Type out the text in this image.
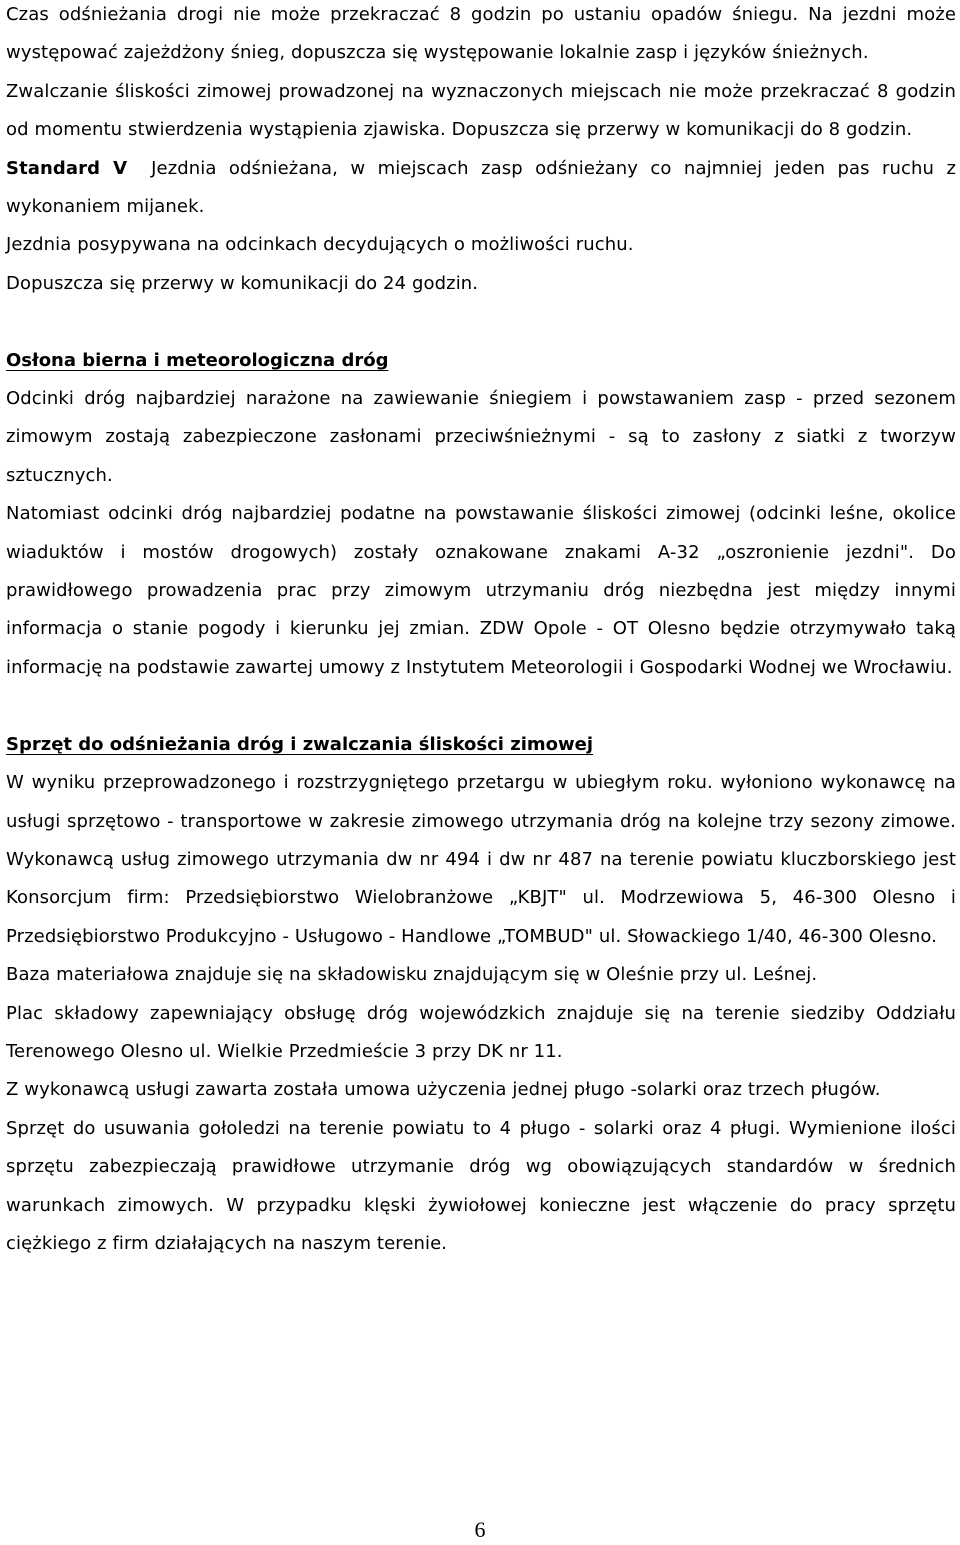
Czas odśnieżania drogi nie może przekraczać 8 godzin po ustaniu opadów śniegu. Na jezdni może występować zajeżdżony śnieg, dopuszcza się występowanie lokalnie zasp i języków śnieżnych.

Zwalczanie śliskości zimowej prowadzonej na wyznaczonych miejscach nie może przekraczać 8 godzin od momentu stwierdzenia wystąpienia zjawiska. Dopuszcza się przerwy w komunikacji do 8 godzin.

Standard V Jezdnia odśnieżana, w miejscach zasp odśnieżany co najmniej jeden pas ruchu z wykonaniem mijanek.

Jezdnia posypywana na odcinkach decydujących o możliwości ruchu.

Dopuszcza się przerwy w komunikacji do 24 godzin.

Osłona bierna i meteorologiczna dróg

Odcinki dróg najbardziej narażone na zawiewanie śniegiem i powstawaniem zasp - przed sezonem zimowym zostają zabezpieczone zasłonami przeciwśnieżnymi - są to zasłony z siatki z tworzyw sztucznych.

Natomiast odcinki dróg najbardziej podatne na powstawanie śliskości zimowej (odcinki leśne, okolice wiaduktów i mostów drogowych) zostały oznakowane znakami A-32 „oszronienie jezdni". Do prawidłowego prowadzenia prac przy zimowym utrzymaniu dróg niezbędna jest między innymi informacja o stanie pogody i kierunku jej zmian. ZDW Opole - OT Olesno będzie otrzymywało taką informację na podstawie zawartej umowy z Instytutem Meteorologii i Gospodarki Wodnej we Wrocławiu.

Sprzęt do odśnieżania dróg i zwalczania śliskości zimowej

W wyniku przeprowadzonego i rozstrzygniętego przetargu w ubiegłym roku. wyłoniono wykonawcę na usługi sprzętowo - transportowe w zakresie zimowego utrzymania dróg na kolejne trzy sezony zimowe. Wykonawcą usług zimowego utrzymania dw nr 494 i dw nr 487 na terenie powiatu kluczborskiego jest Konsorcjum firm: Przedsiębiorstwo Wielobranżowe „KBJT" ul. Modrzewiowa 5, 46-300 Olesno i Przedsiębiorstwo Produkcyjno - Usługowo - Handlowe „TOMBUD" ul. Słowackiego 1/40, 46-300 Olesno.

Baza materiałowa znajduje się na składowisku znajdującym się w Oleśnie przy ul. Leśnej.

Plac składowy zapewniający obsługę dróg wojewódzkich znajduje się na terenie siedziby Oddziału Terenowego Olesno ul. Wielkie Przedmieście 3 przy DK nr 11.

Z wykonawcą usługi zawarta została umowa użyczenia jednej pługo -solarki oraz trzech pługów.

Sprzęt do usuwania gołoledzi na terenie powiatu to 4 pługo - solarki oraz 4 pługi. Wymienione ilości sprzętu zabezpieczają prawidłowe utrzymanie dróg wg obowiązujących standardów w średnich warunkach zimowych. W przypadku klęski żywiołowej konieczne jest włączenie do pracy sprzętu ciężkiego z firm działających na naszym terenie.

6
